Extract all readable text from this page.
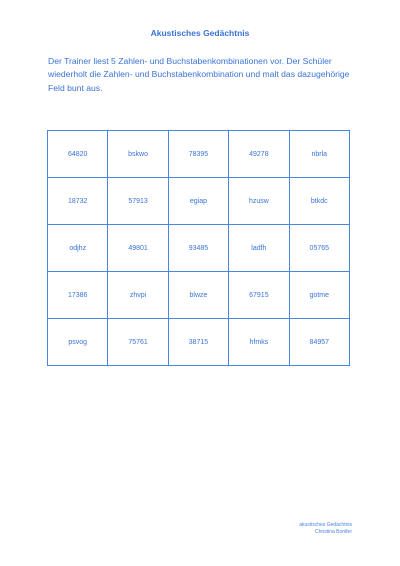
Akustisches Gedächtnis
Der Trainer liest 5 Zahlen- und Buchstabenkombinationen vor. Der Schüler wiederholt die Zahlen- und Buchstabenkombination und malt das dazugehörige Feld bunt aus.
64820	bskwo	78395	49278	nbrla
18732	57913	egiap	hzusw	btkdc
odjhz	49801	93485	ladfh	05765
17386	zhvpi	blwze	67915	gotme
psvog	75761	38715	hfmks	84957
akustisches Gedächtnis
Christina Bonifer
